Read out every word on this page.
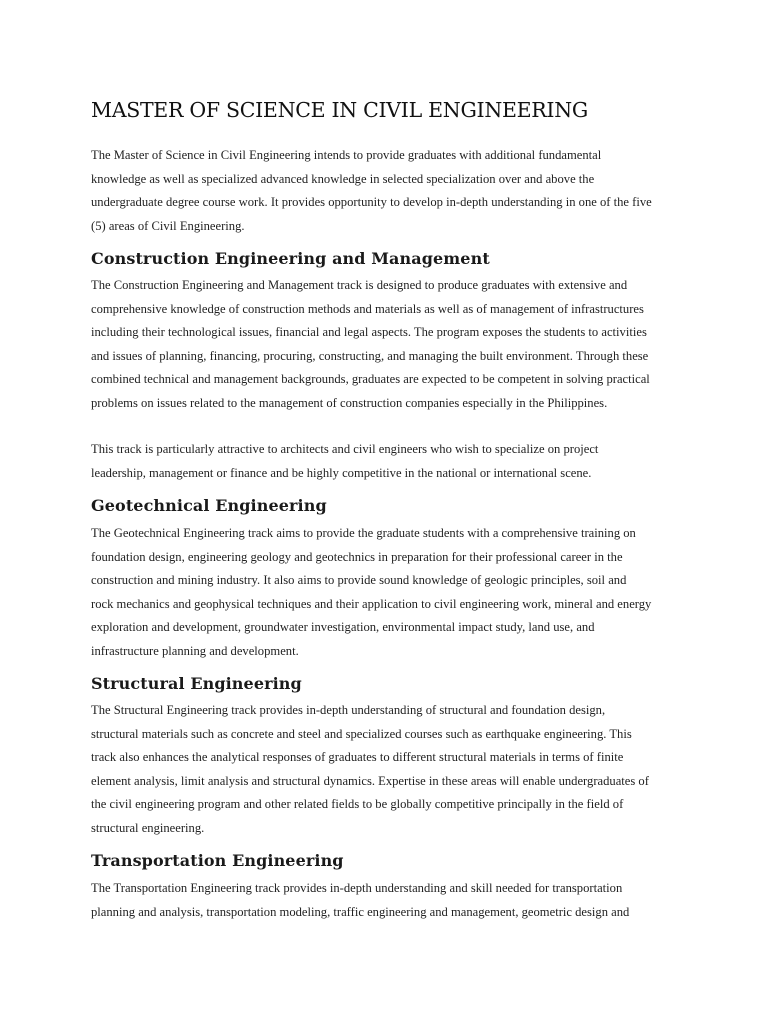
MASTER OF SCIENCE IN CIVIL ENGINEERING

The Master of Science in Civil Engineering intends to provide graduates with additional fundamental
knowledge as well as specialized advanced knowledge in selected specialization over and above the
undergraduate degree course work. It provides opportunity to develop in-depth understanding in one of the five
(5) areas of Civil Engineering.

Construction Engineering and Management

The Construction Engineering and Management track is designed to produce graduates with extensive and
comprehensive knowledge of construction methods and materials as well as of management of infrastructures
including their technological issues, financial and legal aspects. The program exposes the students to activities
and issues of planning, financing, procuring, constructing, and managing the built environment. Through these
combined technical and management backgrounds, graduates are expected to be competent in solving practical
problems on issues related to the management of construction companies especially in the Philippines.

This track is particularly attractive to architects and civil engineers who wish to specialize on project
leadership, management or finance and be highly competitive in the national or international scene.

Geotechnical Engineering

The Geotechnical Engineering track aims to provide the graduate students with a comprehensive training on
foundation design, engineering geology and geotechnics in preparation for their professional career in the
construction and mining industry. It also aims to provide sound knowledge of geologic principles, soil and
rock mechanics and geophysical techniques and their application to civil engineering work, mineral and energy
exploration and development, groundwater investigation, environmental impact study, land use, and
infrastructure planning and development.

Structural Engineering

The Structural Engineering track provides in-depth understanding of structural and foundation design,
structural materials such as concrete and steel and specialized courses such as earthquake engineering. This
track also enhances the analytical responses of graduates to different structural materials in terms of finite
element analysis, limit analysis and structural dynamics. Expertise in these areas will enable undergraduates of
the civil engineering program and other related fields to be globally competitive principally in the field of
structural engineering.

Transportation Engineering

The Transportation Engineering track provides in-depth understanding and skill needed for transportation
planning and analysis, transportation modeling, traffic engineering and management, geometric design and
